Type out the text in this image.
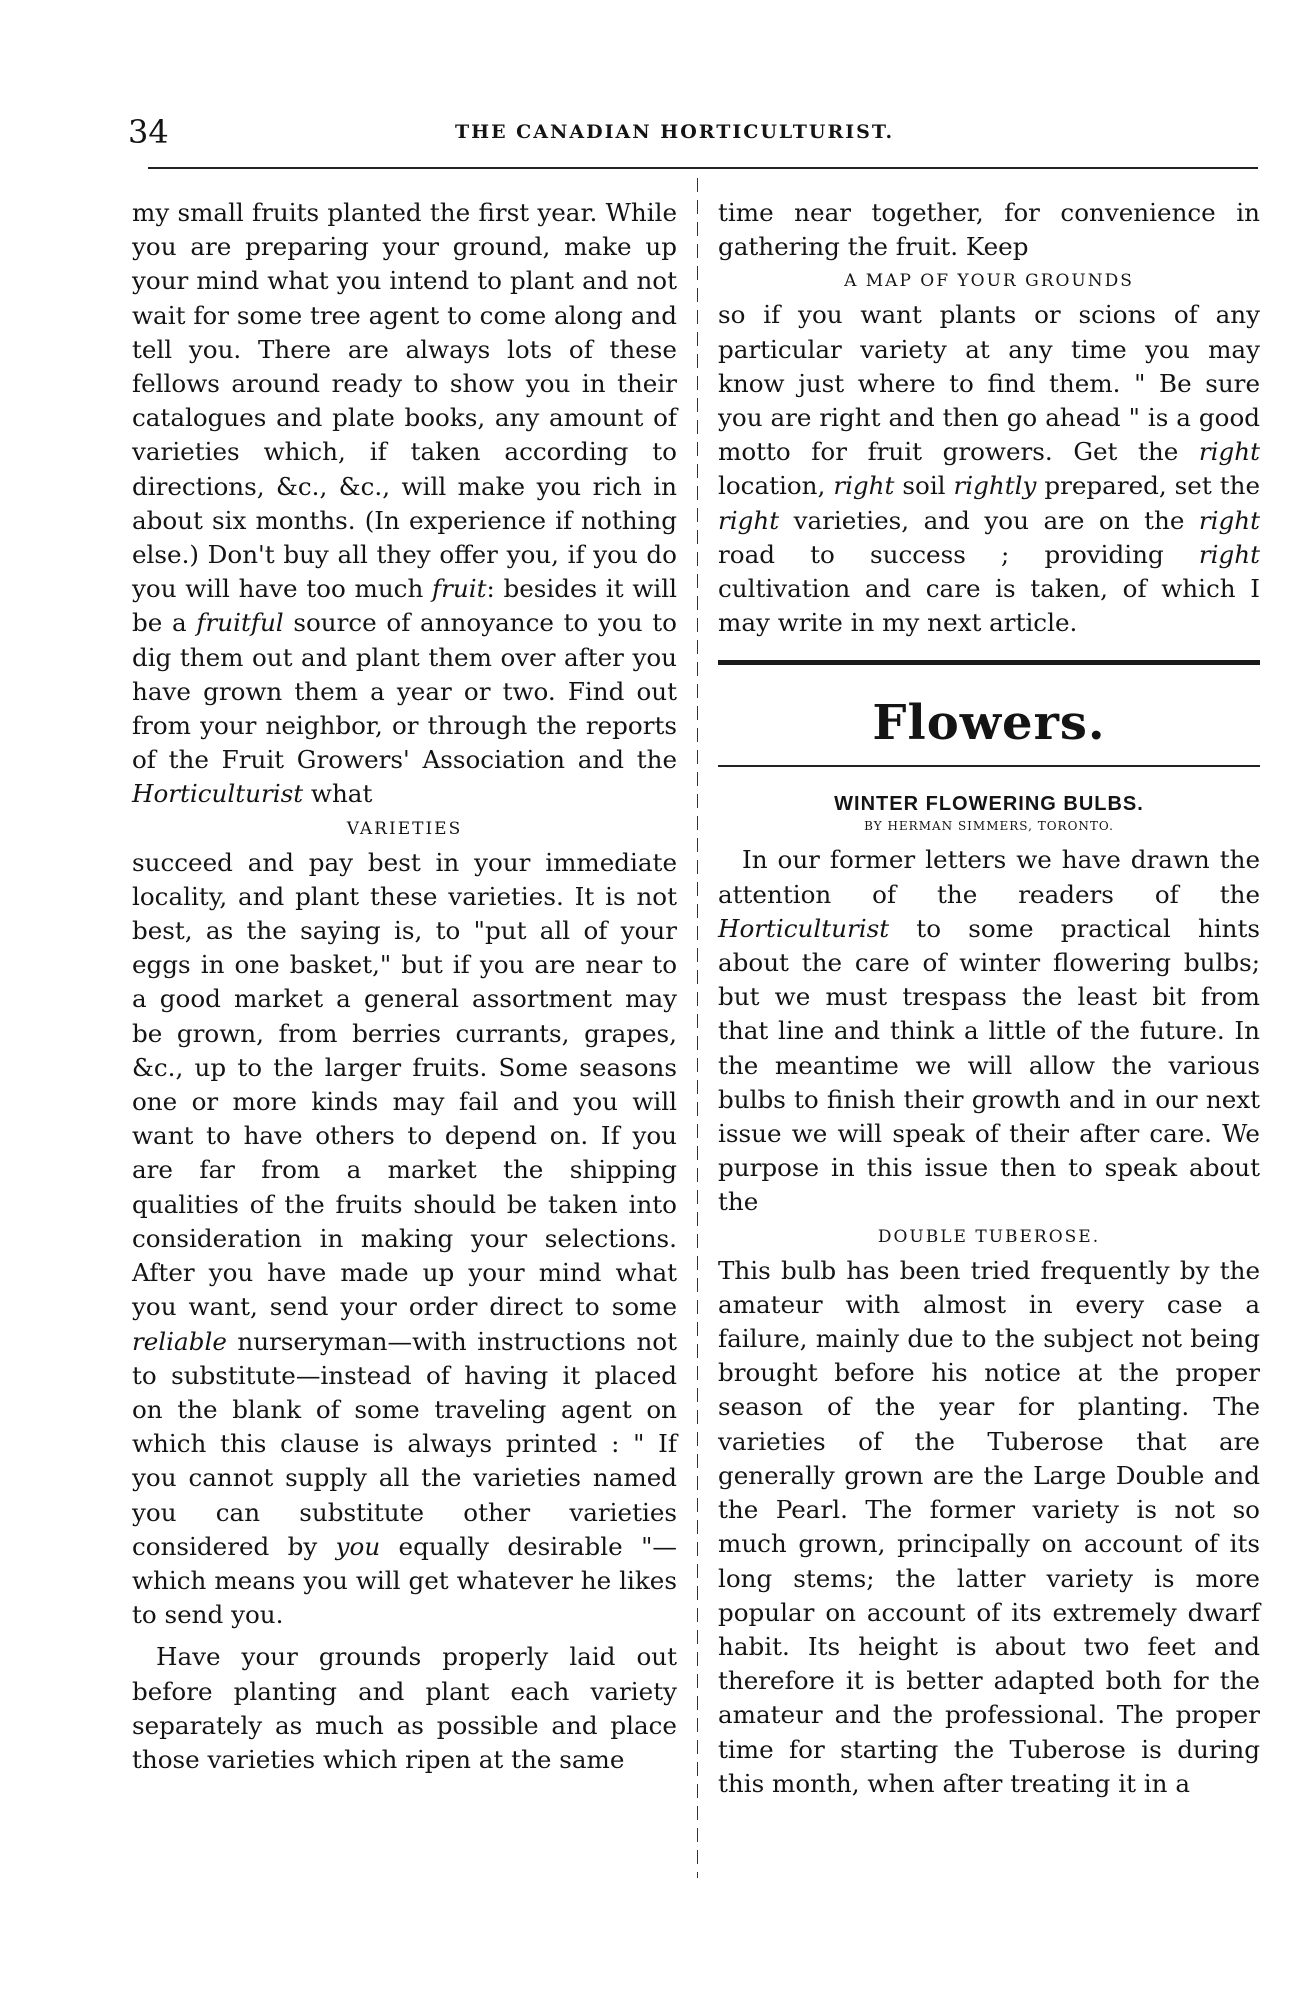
34	THE CANADIAN HORTICULTURIST.

my small fruits planted the first year. While you are preparing your ground, make up your mind what you intend to plant and not wait for some tree agent to come along and tell you. There are always lots of these fellows around ready to show you in their catalogues and plate books, any amount of varieties which, if taken according to directions, &c., &c., will make you rich in about six months. (In experience if nothing else.) Don't buy all they offer you, if you do you will have too much fruit: besides it will be a fruitful source of annoyance to you to dig them out and plant them over after you have grown them a year or two. Find out from your neighbor, or through the reports of the Fruit Growers' Association and the Horticulturist what

VARIETIES

succeed and pay best in your immediate locality, and plant these varieties. It is not best, as the saying is, to "put all of your eggs in one basket," but if you are near to a good market a general assortment may be grown, from berries currants, grapes, &c., up to the larger fruits. Some seasons one or more kinds may fail and you will want to have others to depend on. If you are far from a market the shipping qualities of the fruits should be taken into consideration in making your selections. After you have made up your mind what you want, send your order direct to some reliable nurseryman—with instructions not to substitute—instead of having it placed on the blank of some traveling agent on which this clause is always printed : " If you cannot supply all the varieties named you can substitute other varieties considered by you equally desirable "—which means you will get whatever he likes to send you.

Have your grounds properly laid out before planting and plant each variety separately as much as possible and place those varieties which ripen at the same

time near together, for convenience in gathering the fruit. Keep

A MAP OF YOUR GROUNDS

so if you want plants or scions of any particular variety at any time you may know just where to find them. " Be sure you are right and then go ahead " is a good motto for fruit growers. Get the right location, right soil rightly prepared, set the right varieties, and you are on the right road to success ; providing right cultivation and care is taken, of which I may write in my next article.

Flowers.
WINTER FLOWERING BULBS.
BY HERMAN SIMMERS, TORONTO.

In our former letters we have drawn the attention of the readers of the Horticulturist to some practical hints about the care of winter flowering bulbs; but we must trespass the least bit from that line and think a little of the future. In the meantime we will allow the various bulbs to finish their growth and in our next issue we will speak of their after care. We purpose in this issue then to speak about the

DOUBLE TUBEROSE.

This bulb has been tried frequently by the amateur with almost in every case a failure, mainly due to the subject not being brought before his notice at the proper season of the year for planting. The varieties of the Tuberose that are generally grown are the Large Double and the Pearl. The former variety is not so much grown, principally on account of its long stems; the latter variety is more popular on account of its extremely dwarf habit. Its height is about two feet and therefore it is better adapted both for the amateur and the professional. The proper time for starting the Tuberose is during this month, when after treating it in a
